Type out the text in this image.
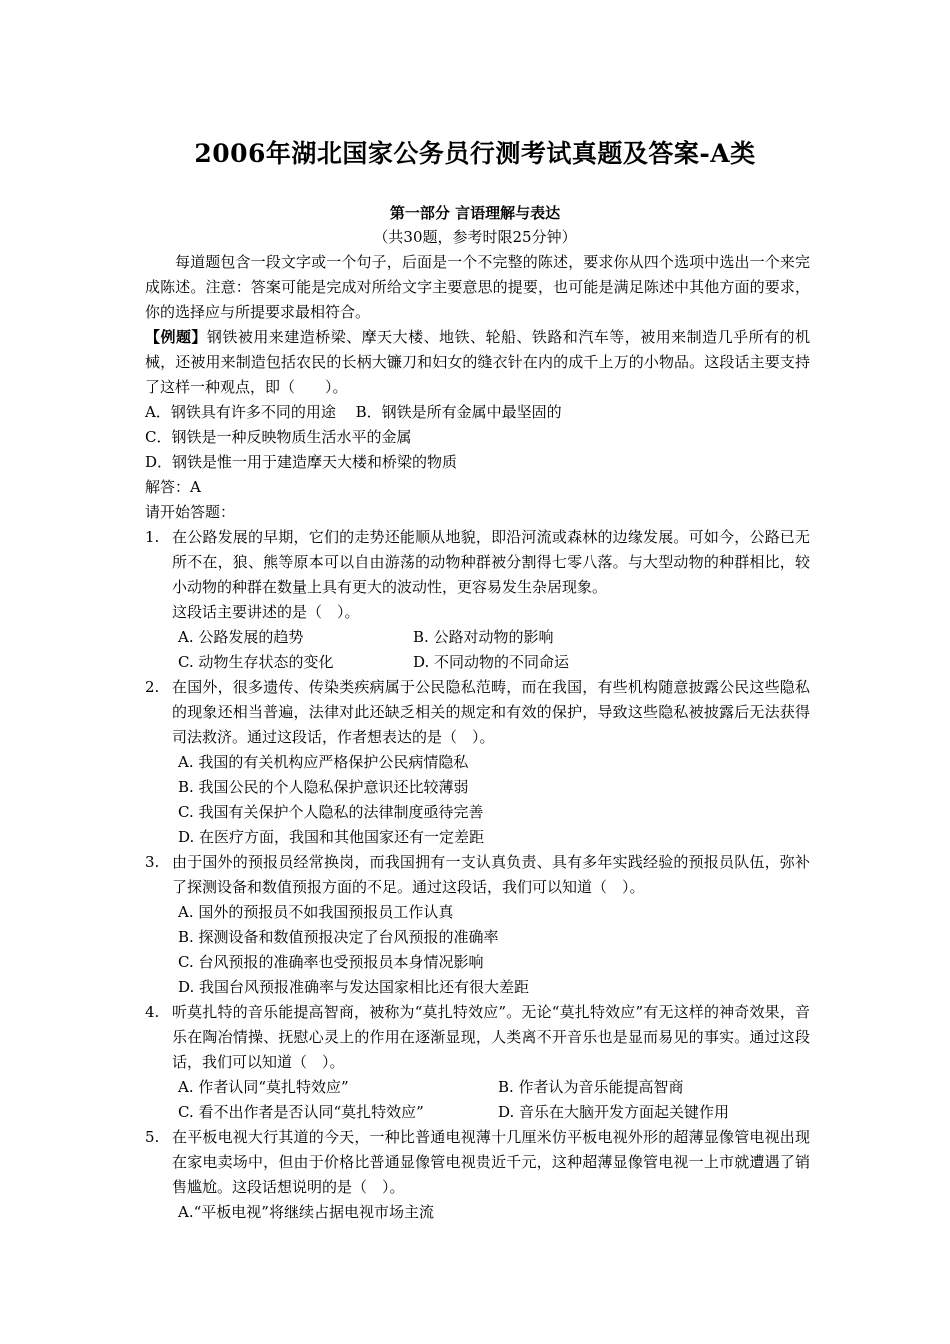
2006年湖北国家公务员行测考试真题及答案-A类
第一部分 言语理解与表达
（共30题，参考时限25分钟）

每道题包含一段文字或一个句子，后面是一个不完整的陈述，要求你从四个选项中选出一个来完成陈述。注意：答案可能是完成对所给文字主要意思的提要，也可能是满足陈述中其他方面的要求，你的选择应与所提要求最相符合。

【例题】钢铁被用来建造桥梁、摩天大楼、地铁、轮船、铁路和汽车等，被用来制造几乎所有的机械，还被用来制造包括农民的长柄大镰刀和妇女的缝衣针在内的成千上万的小物品。这段话主要支持了这样一种观点，即（　　）。

A．钢铁具有许多不同的用途　 B．钢铁是所有金属中最坚固的
C．钢铁是一种反映物质生活水平的金属
D．钢铁是惟一用于建造摩天大楼和桥梁的物质
解答：A
请开始答题：
1. 在公路发展的早期，它们的走势还能顺从地貌，即沿河流或森林的边缘发展。可如今，公路已无所不在，狼、熊等原本可以自由游荡的动物种群被分割得七零八落。与大型动物的种群相比，较小动物的种群在数量上具有更大的波动性，更容易发生杂居现象。

这段话主要讲述的是（　）。
A. 公路发展的趋势	B. 公路对动物的影响
C. 动物生存状态的变化	D. 不同动物的不同命运
2. 在国外，很多遗传、传染类疾病属于公民隐私范畴，而在我国，有些机构随意披露公民这些隐私的现象还相当普遍，法律对此还缺乏相关的规定和有效的保护，导致这些隐私被披露后无法获得司法救济。通过这段话，作者想表达的是（　）。

A. 我国的有关机构应严格保护公民病情隐私
B. 我国公民的个人隐私保护意识还比较薄弱
C. 我国有关保护个人隐私的法律制度亟待完善
D. 在医疗方面，我国和其他国家还有一定差距
3. 由于国外的预报员经常换岗，而我国拥有一支认真负责、具有多年实践经验的预报员队伍，弥补了探测设备和数值预报方面的不足。通过这段话，我们可以知道（　）。

A. 国外的预报员不如我国预报员工作认真
B. 探测设备和数值预报决定了台风预报的准确率
C. 台风预报的准确率也受预报员本身情况影响
D. 我国台风预报准确率与发达国家相比还有很大差距
4. 听莫扎特的音乐能提高智商，被称为“莫扎特效应”。无论“莫扎特效应”有无这样的神奇效果，音乐在陶冶情操、抚慰心灵上的作用在逐渐显现，人类离不开音乐也是显而易见的事实。通过这段话，我们可以知道（　）。

A. 作者认同“莫扎特效应”	B. 作者认为音乐能提高智商
C. 看不出作者是否认同“莫扎特效应”	D. 音乐在大脑开发方面起关键作用
5. 在平板电视大行其道的今天，一种比普通电视薄十几厘米仿平板电视外形的超薄显像管电视出现在家电卖场中，但由于价格比普通显像管电视贵近千元，这种超薄显像管电视一上市就遭遇了销售尴尬。这段话想说明的是（　）。

A.“平板电视”将继续占据电视市场主流
